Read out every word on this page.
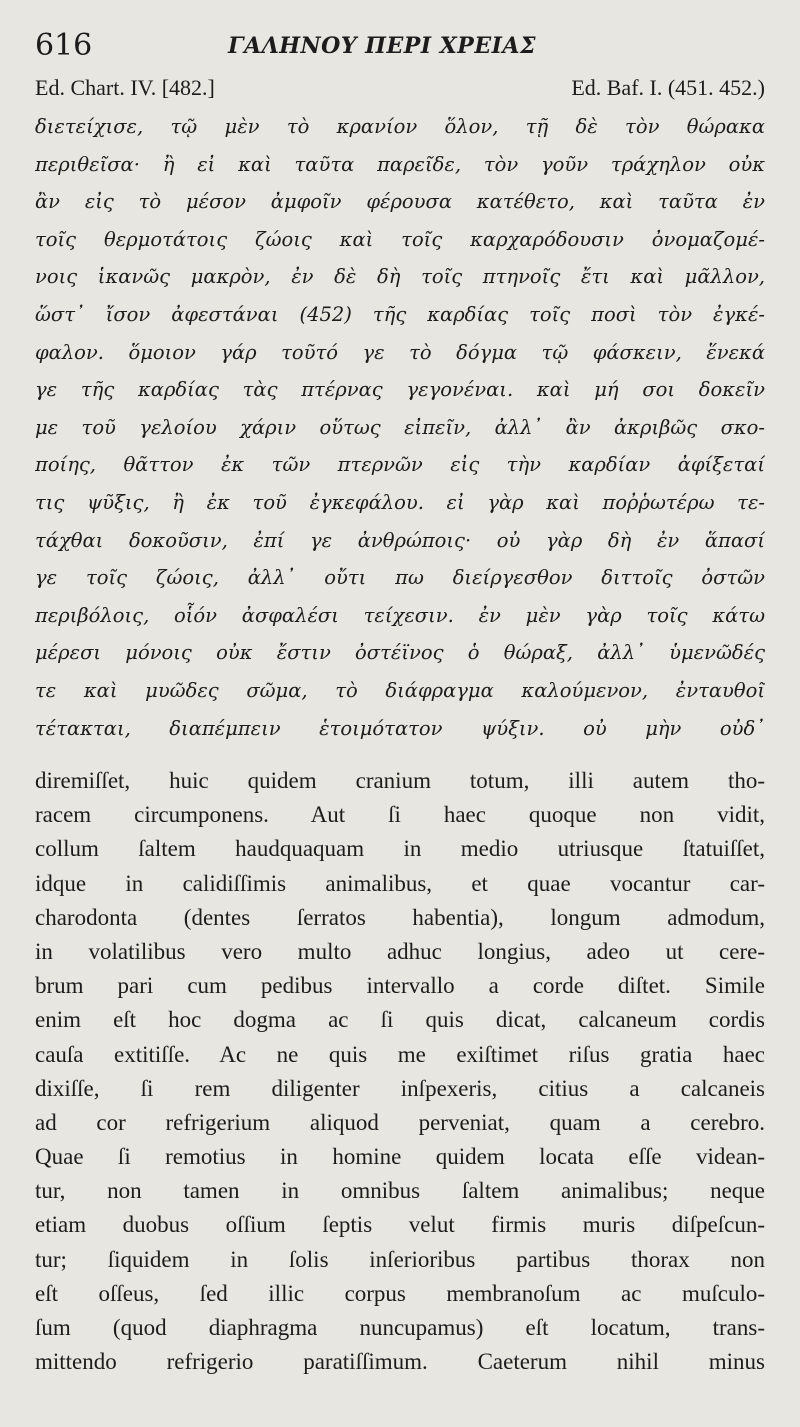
616	ΓΑΛΗΝΟΥ ΠΕΡΙ ΧΡΕΙΑΣ
Ed. Chart. IV. [482.]	Ed. Baf. I. (451. 452.)
διετείχισε, τῷ μὲν τὸ κρανίον ὅλον, τῇ δὲ τὸν θώρακα
περιθεῖσα· ἢ εἰ καὶ ταῦτα παρεῖδε, τὸν γοῦν τράχηλον οὐκ
ἂν εἰς τὸ μέσον ἀμφοῖν φέρουσα κατέθετο, καὶ ταῦτα ἐν
τοῖς θερμοτάτοις ζώοις καὶ τοῖς καρχαρόδουσιν ὀνομαζομέ-
νοις ἱκανῶς μακρὸν, ἐν δὲ δὴ τοῖς πτηνοῖς ἔτι καὶ μᾶλλον,
ὥστ᾽ ἴσον ἀφεστάναι (452) τῆς καρδίας τοῖς ποσὶ τὸν ἐγκέ-
φαλον. ὅμοιον γάρ τοῦτό γε τὸ δόγμα τῷ φάσκειν, ἕνεκά
γε τῆς καρδίας τὰς πτέρνας γεγονέναι. καὶ μή σοι δοκεῖν
με τοῦ γελοίου χάριν οὕτως εἰπεῖν, ἀλλ᾽ ἂν ἀκριβῶς σκο-
ποίης, θᾶττον ἐκ τῶν πτερνῶν εἰς τὴν καρδίαν ἀφίξεταί
τις ψῦξις, ἢ ἐκ τοῦ ἐγκεφάλου. εἰ γὰρ καὶ ποῤῥωτέρω τε-
τάχθαι δοκοῦσιν, ἐπί γε ἀνθρώποις· οὐ γὰρ δὴ ἐν ἅπασί
γε τοῖς ζώοις, ἀλλ᾽ οὔτι πω διείργεσθον διττοῖς ὀστῶν
περιβόλοις, οἷόν ἀσφαλέσι τείχεσιν. ἐν μὲν γὰρ τοῖς κάτω
μέρεσι μόνοις οὐκ ἔστιν ὀστέϊνος ὁ θώραξ, ἀλλ᾽ ὑμενῶδές
τε καὶ μυῶδες σῶμα, τὸ διάφραγμα καλούμενον, ἐνταυθοῖ
τέτακται, διαπέμπειν ἑτοιμότατον ψύξιν. οὐ μὴν οὐδ᾽
diremiſſet, huic quidem cranium totum, illi autem tho-
racem circumponens. Aut ſi haec quoque non vidit,
collum ſaltem haudquaquam in medio utriusque ſtatuiſſet,
idque in calidiſſimis animalibus, et quae vocantur car-
charodonta (dentes ſerratos habentia), longum admodum,
in volatilibus vero multo adhuc longius, adeo ut cere-
brum pari cum pedibus intervallo a corde diſtet. Simile
enim eſt hoc dogma ac ſi quis dicat, calcaneum cordis
cauſa extitiſſe. Ac ne quis me exiſtimet riſus gratia haec
dixiſſe, ſi rem diligenter inſpexeris, citius a calcaneis
ad cor refrigerium aliquod perveniat, quam a cerebro.
Quae ſi remotius in homine quidem locata eſſe videan-
tur, non tamen in omnibus ſaltem animalibus; neque
etiam duobus oſſium ſeptis velut firmis muris diſpeſcun-
tur; ſiquidem in ſolis inſerioribus partibus thorax non
eſt oſſeus, ſed illic corpus membranoſum ac muſculo-
ſum (quod diaphragma nuncupamus) eſt locatum, trans-
mittendo refrigerio paratiſſimum. Caeterum nihil minus
